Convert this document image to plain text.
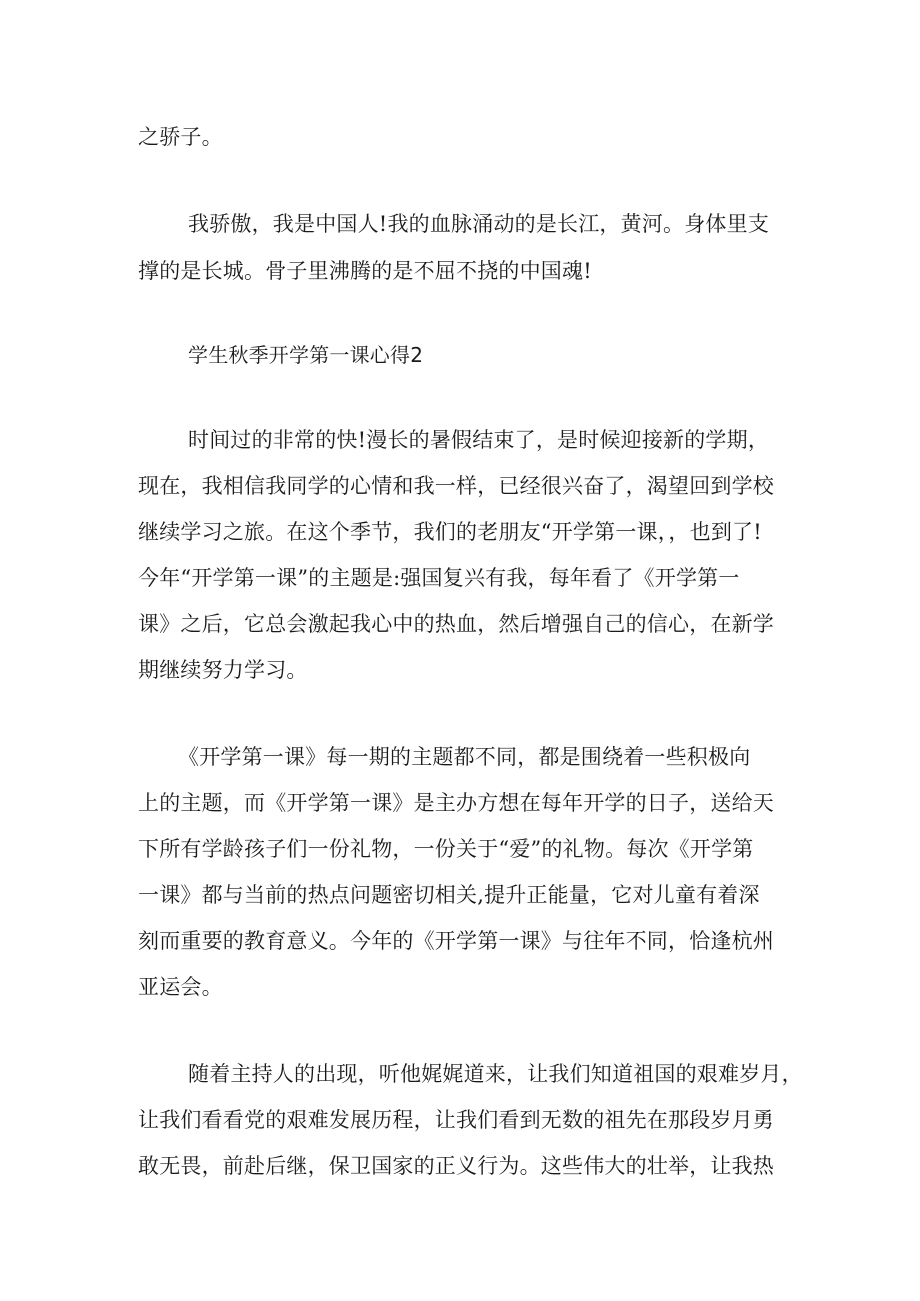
之骄子。
我骄傲，我是中国人!我的血脉涌动的是长江，黄河。身体里支
撑的是长城。骨子里沸腾的是不屈不挠的中国魂!
学生秋季开学第一课心得2
时间过的非常的快!漫长的暑假结束了，是时候迎接新的学期，
现在，我相信我同学的心情和我一样，已经很兴奋了，渴望回到学校
继续学习之旅。在这个季节，我们的老朋友“开学第一课，，也到了!
今年“开学第一课”的主题是:强国复兴有我，每年看了《开学第一
课》之后，它总会激起我心中的热血，然后增强自己的信心，在新学
期继续努力学习。
《开学第一课》每一期的主题都不同，都是围绕着一些积极向
上的主题，而《开学第一课》是主办方想在每年开学的日子，送给天
下所有学龄孩子们一份礼物，一份关于“爱”的礼物。每次《开学第
一课》都与当前的热点问题密切相关,提升正能量，它对儿童有着深
刻而重要的教育意义。今年的《开学第一课》与往年不同，恰逢杭州
亚运会。
随着主持人的出现，听他娓娓道来，让我们知道祖国的艰难岁月，
让我们看看党的艰难发展历程，让我们看到无数的祖先在那段岁月勇
敢无畏，前赴后继，保卫国家的正义行为。这些伟大的壮举，让我热
